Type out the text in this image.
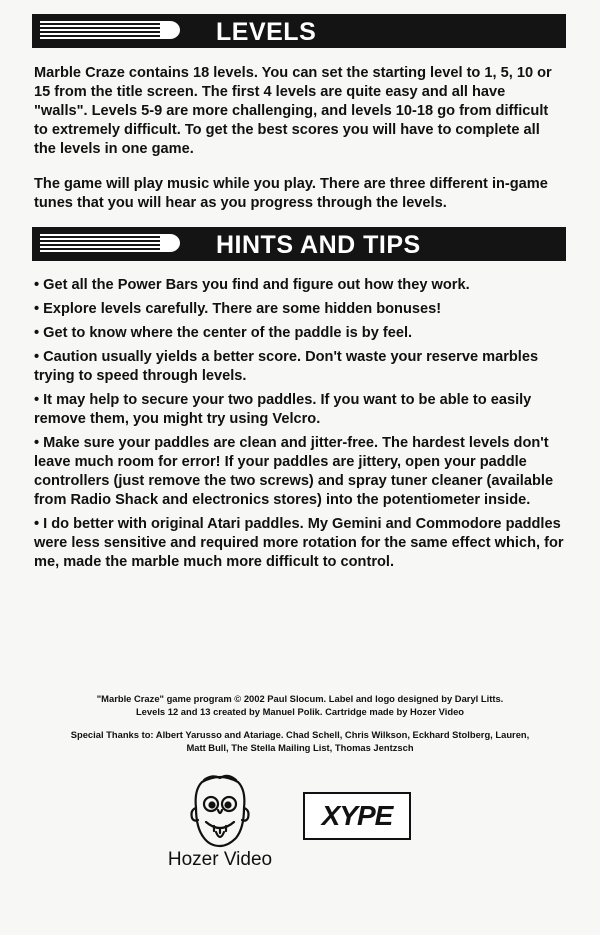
LEVELS

Marble Craze contains 18 levels. You can set the starting level to 1, 5, 10 or 15 from the title screen. The first 4 levels are quite easy and all have "walls". Levels 5-9 are more challenging, and levels 10-18 go from difficult to extremely difficult. To get the best scores you will have to complete all the levels in one game.

The game will play music while you play. There are three different in-game tunes that you will hear as you progress through the levels.

HINTS AND TIPS
• Get all the Power Bars you find and figure out how they work.
• Explore levels carefully. There are some hidden bonuses!
• Get to know where the center of the paddle is by feel.
• Caution usually yields a better score. Don't waste your reserve marbles trying to speed through levels.
• It may help to secure your two paddles. If you want to be able to easily remove them, you might try using Velcro.
• Make sure your paddles are clean and jitter-free. The hardest levels don't leave much room for error! If your paddles are jittery, open your paddle controllers (just remove the two screws) and spray tuner cleaner (available from Radio Shack and electronics stores) into the potentiometer inside.
• I do better with original Atari paddles. My Gemini and Commodore paddles were less sensitive and required more rotation for the same effect which, for me, made the marble much more difficult to control.

"Marble Craze" game program © 2002 Paul Slocum. Label and logo designed by Daryl Litts.

Levels 12 and 13 created by Manuel Polik. Cartridge made by Hozer Video

Special Thanks to: Albert Yarusso and Atariage. Chad Schell, Chris Wilkson, Eckhard Stolberg, Lauren,

Matt Bull, The Stella Mailing List, Thomas Jentzsch

Hozer Video
XYPE
